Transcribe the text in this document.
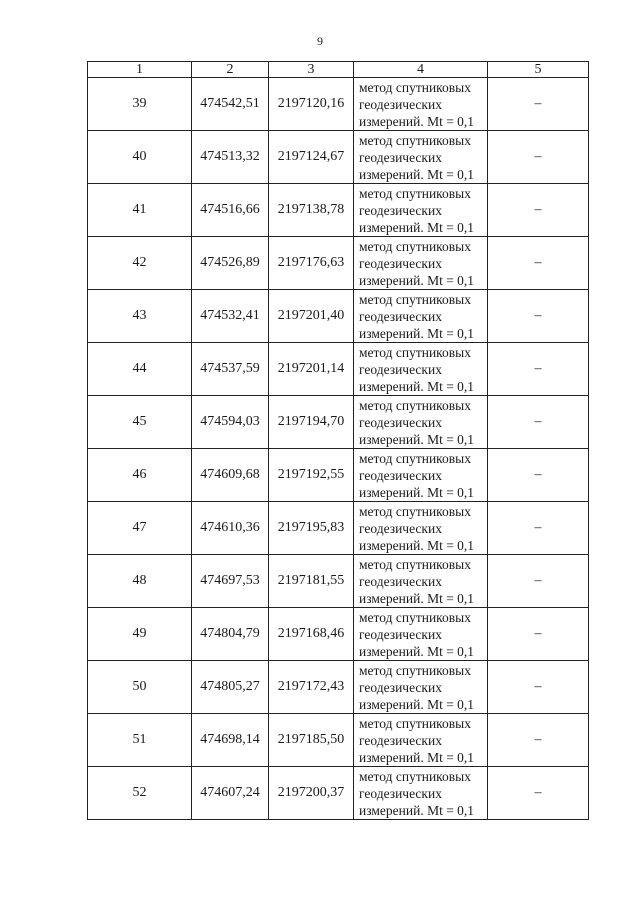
9
1	2	3	4	5
39	474542,51	2197120,16	метод спутниковых
геодезических
измерений. Mt = 0,1	–
40	474513,32	2197124,67	метод спутниковых
геодезических
измерений. Mt = 0,1	–
41	474516,66	2197138,78	метод спутниковых
геодезических
измерений. Mt = 0,1	–
42	474526,89	2197176,63	метод спутниковых
геодезических
измерений. Mt = 0,1	–
43	474532,41	2197201,40	метод спутниковых
геодезических
измерений. Mt = 0,1	–
44	474537,59	2197201,14	метод спутниковых
геодезических
измерений. Mt = 0,1	–
45	474594,03	2197194,70	метод спутниковых
геодезических
измерений. Mt = 0,1	–
46	474609,68	2197192,55	метод спутниковых
геодезических
измерений. Mt = 0,1	–
47	474610,36	2197195,83	метод спутниковых
геодезических
измерений. Mt = 0,1	–
48	474697,53	2197181,55	метод спутниковых
геодезических
измерений. Mt = 0,1	–
49	474804,79	2197168,46	метод спутниковых
геодезических
измерений. Mt = 0,1	–
50	474805,27	2197172,43	метод спутниковых
геодезических
измерений. Mt = 0,1	–
51	474698,14	2197185,50	метод спутниковых
геодезических
измерений. Mt = 0,1	–
52	474607,24	2197200,37	метод спутниковых
геодезических
измерений. Mt = 0,1	–
